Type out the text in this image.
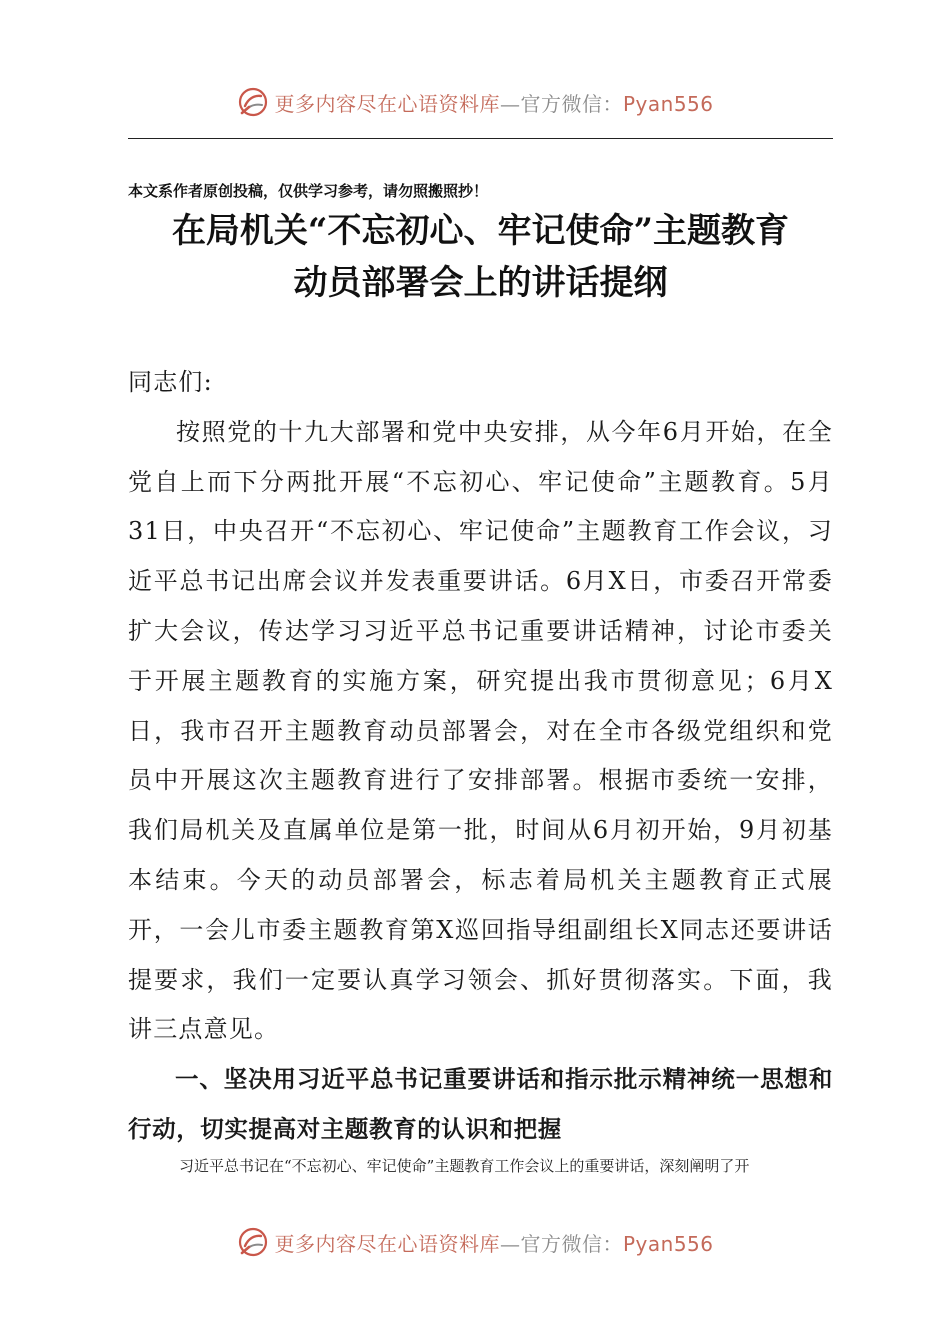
更多内容尽在心语资料库—官方微信：Pyan556
本文系作者原创投稿，仅供学习参考，请勿照搬照抄！
在局机关“不忘初心、牢记使命”主题教育
动员部署会上的讲话提纲

同志们:

按照党的十九大部署和党中央安排，从今年6月开始，在全党自上而下分两批开展“不忘初心、牢记使命”主题教育。5月31日，中央召开“不忘初心、牢记使命”主题教育工作会议，习近平总书记出席会议并发表重要讲话。6月X日，市委召开常委扩大会议，传达学习习近平总书记重要讲话精神，讨论市委关于开展主题教育的实施方案，研究提出我市贯彻意见；6月X日，我市召开主题教育动员部署会，对在全市各级党组织和党员中开展这次主题教育进行了安排部署。根据市委统一安排，我们局机关及直属单位是第一批，时间从6月初开始，9月初基本结束。今天的动员部署会，标志着局机关主题教育正式展开，一会儿市委主题教育第X巡回指导组副组长X同志还要讲话提要求，我们一定要认真学习领会、抓好贯彻落实。下面，我讲三点意见。

一、坚决用习近平总书记重要讲话和指示批示精神统一思想和行动，切实提高对主题教育的认识和把握

习近平总书记在“不忘初心、牢记使命”主题教育工作会议上的重要讲话，深刻阐明了开
更多内容尽在心语资料库—官方微信：Pyan556
